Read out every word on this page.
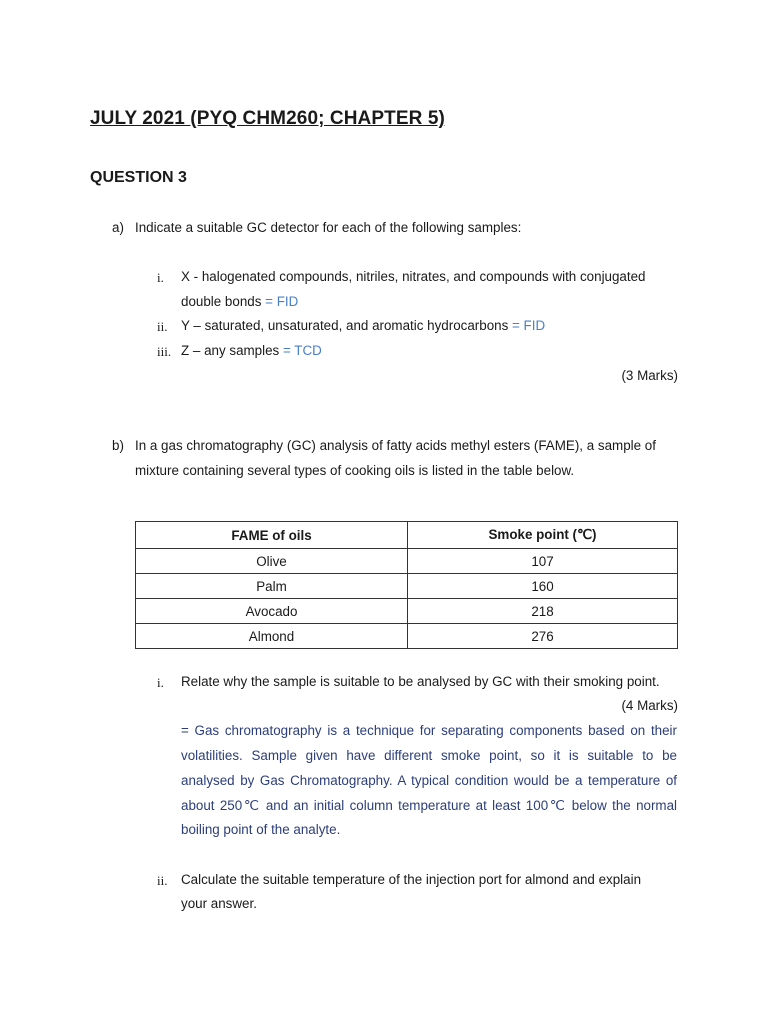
JULY 2021 (PYQ CHM260; CHAPTER 5)
QUESTION 3
a) Indicate a suitable GC detector for each of the following samples:
i. X - halogenated compounds, nitriles, nitrates, and compounds with conjugated
double bonds = FID
ii. Y – saturated, unsaturated, and aromatic hydrocarbons = FID
iii. Z – any samples = TCD
(3 Marks)
b) In a gas chromatography (GC) analysis of fatty acids methyl esters (FAME), a sample of
mixture containing several types of cooking oils is listed in the table below.
FAME of oils	Smoke point (℃)
Olive	107
Palm	160
Avocado	218
Almond	276
i. Relate why the sample is suitable to be analysed by GC with their smoking point.
(4 Marks)
= Gas chromatography is a technique for separating components based on their
volatilities. Sample given have different smoke point, so it is suitable to be
analysed by Gas Chromatography. A typical condition would be a temperature of
about 250℃ and an initial column temperature at least 100℃ below the normal
boiling point of the analyte.
ii. Calculate the suitable temperature of the injection port for almond and explain
your answer.
